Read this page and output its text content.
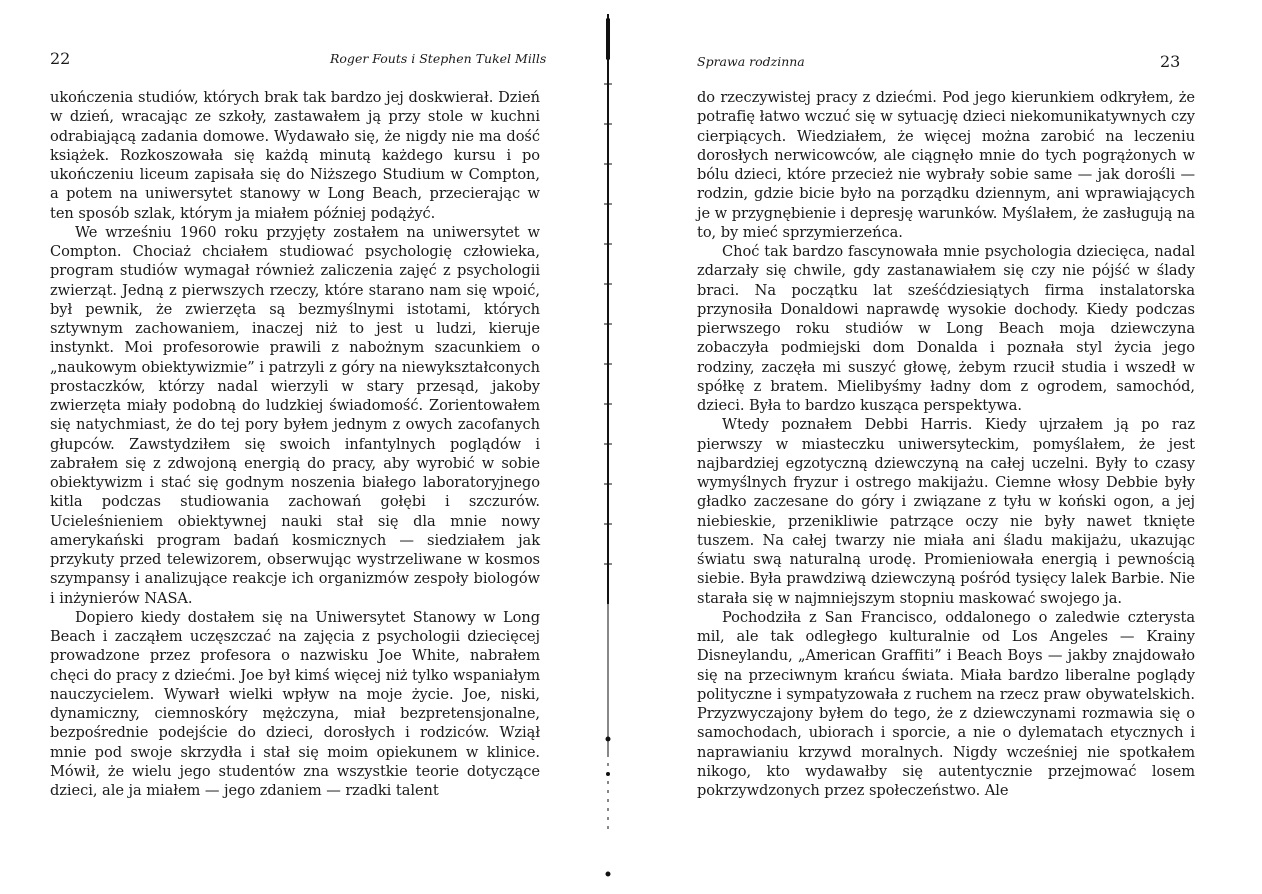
22	Roger Fouts i Stephen Tukel Mills

ukończenia studiów, których brak tak bardzo jej doskwierał. Dzień w dzień, wracając ze szkoły, zastawałem ją przy stole w kuchni odrabiającą zadania domowe. Wydawało się, że nigdy nie ma dość książek. Rozkoszowała się każdą minutą każdego kursu i po ukończeniu liceum zapisała się do Niższego Studium w Compton, a potem na uniwersytet stanowy w Long Beach, przecierając w ten sposób szlak, którym ja miałem później podążyć.

We wrześniu 1960 roku przyjęty zostałem na uniwersytet w Compton. Chociaż chciałem studiować psychologię człowieka, program studiów wymagał również zaliczenia zajęć z psychologii zwierząt. Jedną z pierwszych rzeczy, które starano nam się wpoić, był pewnik, że zwierzęta są bezmyślnymi istotami, których sztywnym zachowaniem, inaczej niż to jest u ludzi, kieruje instynkt. Moi profesorowie prawili z nabożnym szacunkiem o „naukowym obiektywizmie” i patrzyli z góry na niewykształconych prostaczków, którzy nadal wierzyli w stary przesąd, jakoby zwierzęta miały podobną do ludzkiej świadomość. Zorientowałem się natychmiast, że do tej pory byłem jednym z owych zacofanych głupców. Zawstydziłem się swoich infantylnych poglądów i zabrałem się z zdwojoną energią do pracy, aby wyrobić w sobie obiektywizm i stać się godnym noszenia białego laboratoryjnego kitla podczas studiowania zachowań gołębi i szczurów. Ucieleśnieniem obiektywnej nauki stał się dla mnie nowy amerykański program badań kosmicznych — siedziałem jak przykuty przed telewizorem, obserwując wystrzeliwane w kosmos szympansy i analizujące reakcje ich organizmów zespoły biologów i inżynierów NASA.

Dopiero kiedy dostałem się na Uniwersytet Stanowy w Long Beach i zacząłem uczęszczać na zajęcia z psychologii dziecięcej prowadzone przez profesora o nazwisku Joe White, nabrałem chęci do pracy z dziećmi. Joe był kimś więcej niż tylko wspaniałym nauczycielem. Wywarł wielki wpływ na moje życie. Joe, niski, dynamiczny, ciemnoskóry mężczyna, miał bezpretensjonalne, bezpośrednie podejście do dzieci, dorosłych i rodziców. Wziął mnie pod swoje skrzydła i stał się moim opiekunem w klinice. Mówił, że wielu jego studentów zna wszystkie teorie dotyczące dzieci, ale ja miałem — jego zdaniem — rzadki talent

Sprawa rodzinna	23

do rzeczywistej pracy z dziećmi. Pod jego kierunkiem odkryłem, że potrafię łatwo wczuć się w sytuację dzieci niekomunikatywnych czy cierpiących. Wiedziałem, że więcej można zarobić na leczeniu dorosłych nerwicowców, ale ciągnęło mnie do tych pogrążonych w bólu dzieci, które przecież nie wybrały sobie same — jak dorośli — rodzin, gdzie bicie było na porządku dziennym, ani wprawiających je w przygnębienie i depresję warunków. Myślałem, że zasługują na to, by mieć sprzymierzeńca.

Choć tak bardzo fascynowała mnie psychologia dziecięca, nadal zdarzały się chwile, gdy zastanawiałem się czy nie pójść w ślady braci. Na początku lat sześćdziesiątych firma instalatorska przynosiła Donaldowi naprawdę wysokie dochody. Kiedy podczas pierwszego roku studiów w Long Beach moja dziewczyna zobaczyła podmiejski dom Donalda i poznała styl życia jego rodziny, zaczęła mi suszyć głowę, żebym rzucił studia i wszedł w spółkę z bratem. Mielibyśmy ładny dom z ogrodem, samochód, dzieci. Była to bardzo kusząca perspektywa.

Wtedy poznałem Debbi Harris. Kiedy ujrzałem ją po raz pierwszy w miasteczku uniwersyteckim, pomyślałem, że jest najbardziej egzotyczną dziewczyną na całej uczelni. Były to czasy wymyślnych fryzur i ostrego makijażu. Ciemne włosy Debbie były gładko zaczesane do góry i związane z tyłu w koński ogon, a jej niebieskie, przenikliwie patrzące oczy nie były nawet tknięte tuszem. Na całej twarzy nie miała ani śladu makijażu, ukazując światu swą naturalną urodę. Promieniowała energią i pewnością siebie. Była prawdziwą dziewczyną pośród tysięcy lalek Barbie. Nie starała się w najmniejszym stopniu maskować swojego ja.

Pochodziła z San Francisco, oddalonego o zaledwie czterysta mil, ale tak odległego kulturalnie od Los Angeles — Krainy Disneylandu, „American Graffiti” i Beach Boys — jakby znajdowało się na przeciwnym krańcu świata. Miała bardzo liberalne poglądy polityczne i sympatyzowała z ruchem na rzecz praw obywatelskich. Przyzwyczajony byłem do tego, że z dziewczynami rozmawia się o samochodach, ubiorach i sporcie, a nie o dylematach etycznych i naprawianiu krzywd moralnych. Nigdy wcześniej nie spotkałem nikogo, kto wydawałby się autentycznie przejmować losem pokrzywdzonych przez społeczeństwo. Ale
